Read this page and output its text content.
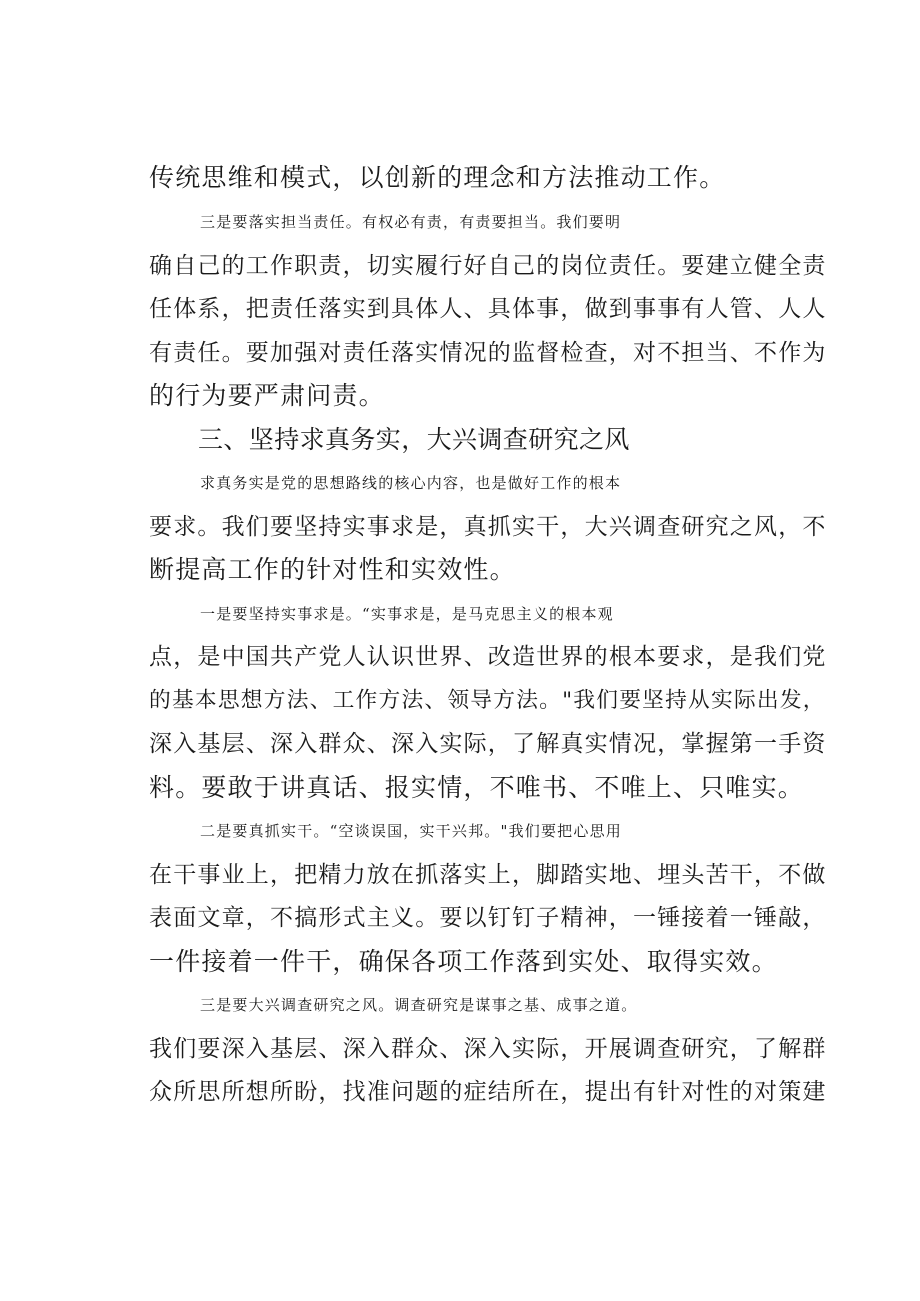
传统思维和模式，以创新的理念和方法推动工作。
三是要落实担当责任。有权必有责，有责要担当。我们要明
确自己的工作职责，切实履行好自己的岗位责任。要建立健全责
任体系，把责任落实到具体人、具体事，做到事事有人管、人人
有责任。要加强对责任落实情况的监督检查，对不担当、不作为
的行为要严肃问责。
三、坚持求真务实，大兴调查研究之风
求真务实是党的思想路线的核心内容，也是做好工作的根本
要求。我们要坚持实事求是，真抓实干，大兴调查研究之风，不
断提高工作的针对性和实效性。
一是要坚持实事求是。“实事求是，是马克思主义的根本观
点，是中国共产党人认识世界、改造世界的根本要求，是我们党
的基本思想方法、工作方法、领导方法。"我们要坚持从实际出发，
深入基层、深入群众、深入实际，了解真实情况，掌握第一手资
料。要敢于讲真话、报实情，不唯书、不唯上、只唯实。
二是要真抓实干。“空谈误国，实干兴邦。"我们要把心思用
在干事业上，把精力放在抓落实上，脚踏实地、埋头苦干，不做
表面文章，不搞形式主义。要以钉钉子精神，一锤接着一锤敲，
一件接着一件干，确保各项工作落到实处、取得实效。
三是要大兴调查研究之风。调查研究是谋事之基、成事之道。
我们要深入基层、深入群众、深入实际，开展调查研究，了解群
众所思所想所盼，找准问题的症结所在，提出有针对性的对策建
